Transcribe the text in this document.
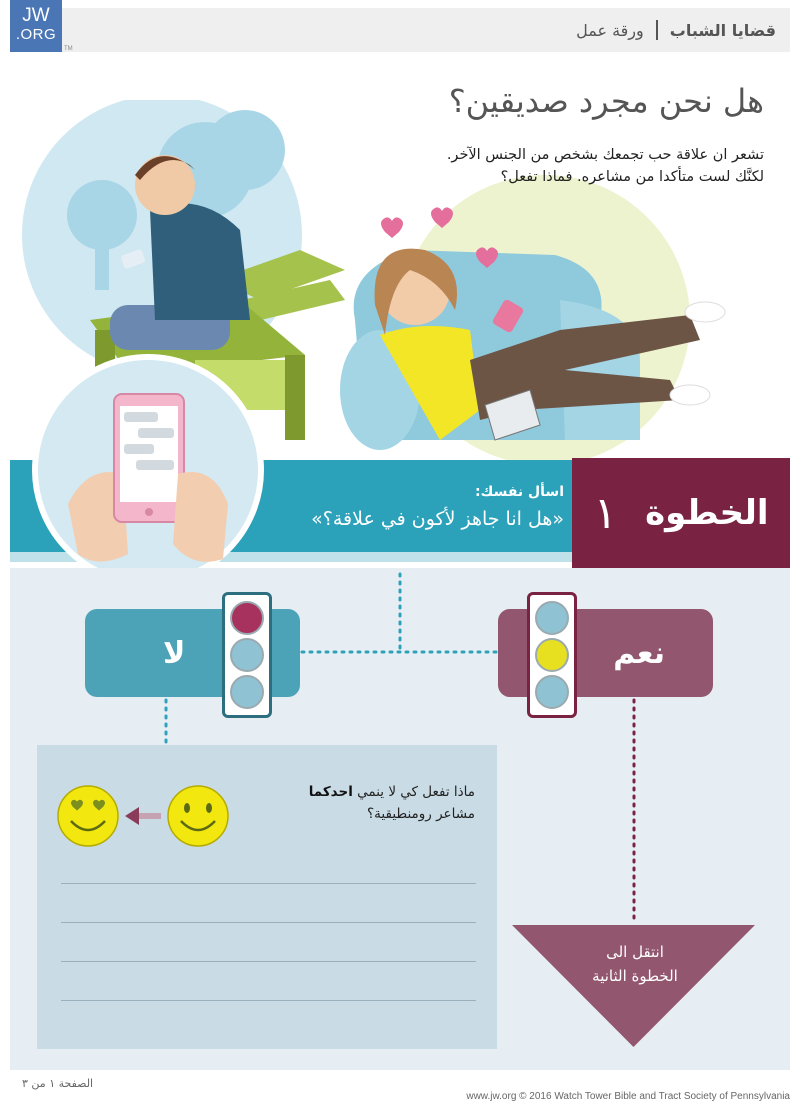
JW
.ORG
TM
قضايا الشباب
ورقة عمل
الخطوة
١
اسأل نفسك:
«هل انا جاهز لأكون في علاقة؟»
لا	نعم
ماذا تفعل كي لا ينمي احدكما مشاعر رومنطيقية؟
انتقل الى
الخطوة الثانية
الصفحة ١ من ٣
www.jw.org © 2016 Watch Tower Bible and Tract Society of Pennsylvania
هل نحن مجرد صديقين؟

تشعر ان علاقة حب تجمعك بشخص من الجنس الآخر.

لكنَّك لست متأكدا من مشاعره. فماذا تفعل؟
